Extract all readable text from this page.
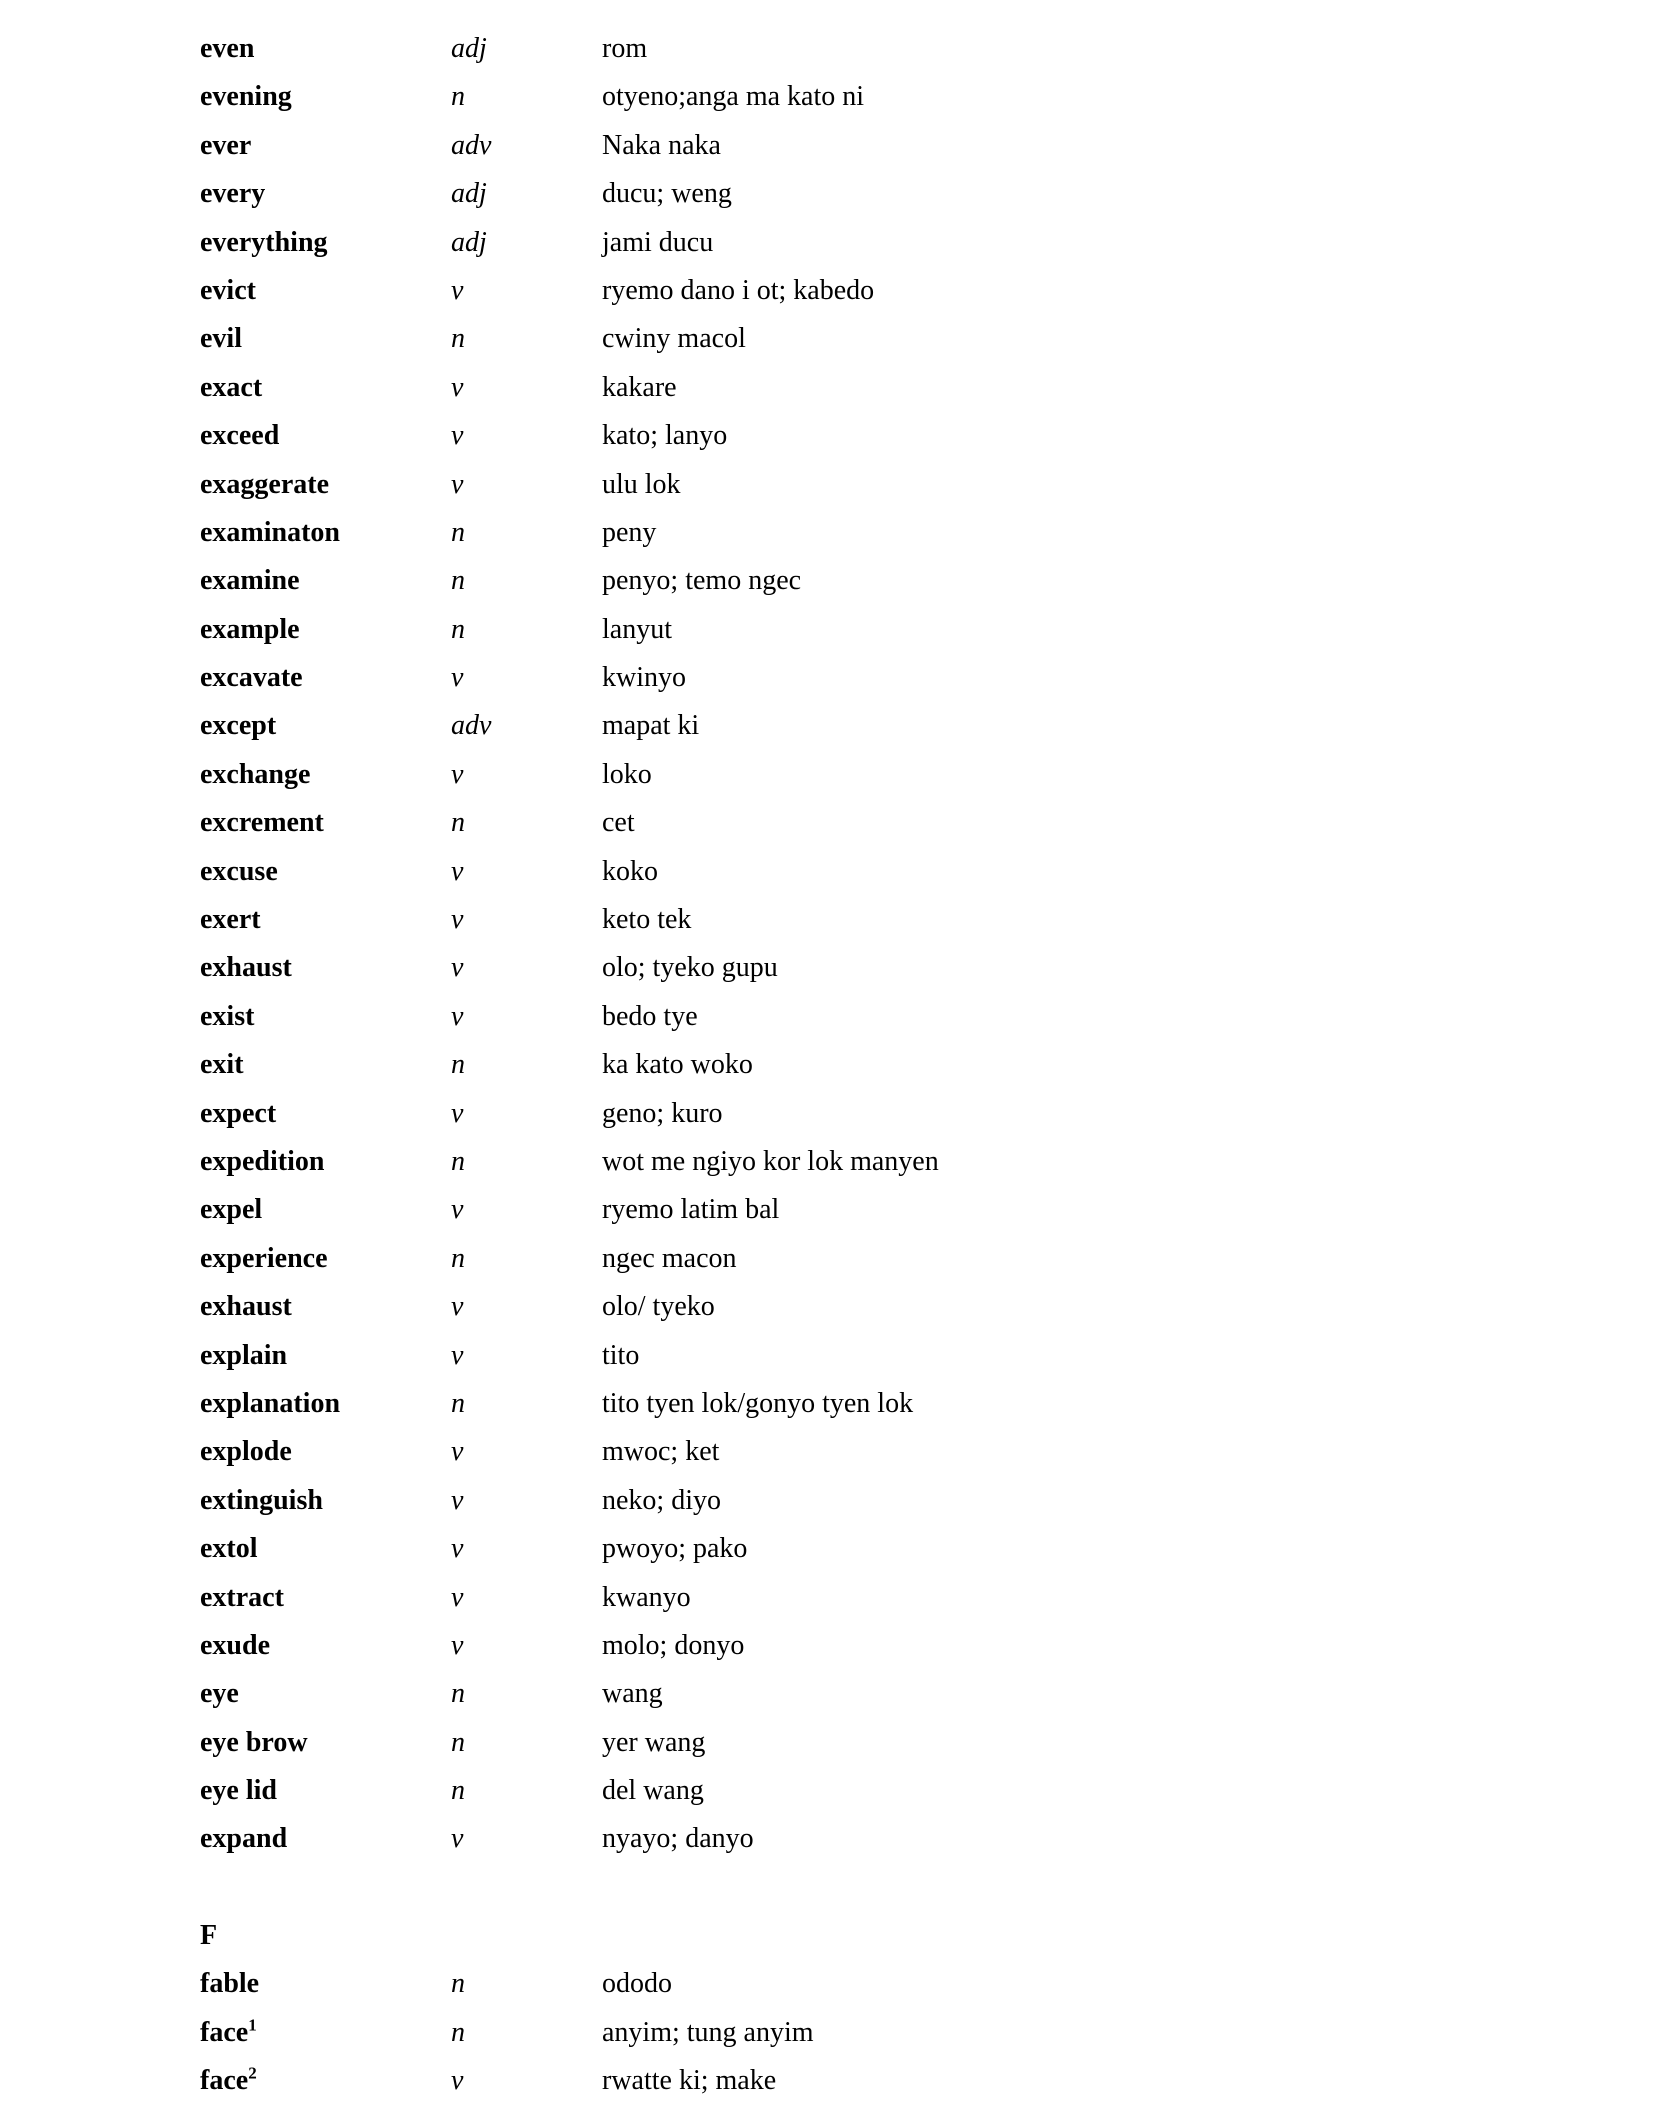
even	adj	rom
evening	n	otyeno;anga ma kato ni
ever	adv	Naka naka
every	adj	ducu; weng
everything	adj	jami ducu
evict	v	ryemo dano i ot; kabedo
evil	n	cwiny macol
exact	v	kakare
exceed	v	kato; lanyo
exaggerate	v	ulu lok
examinaton	n	peny
examine	n	penyo; temo ngec
example	n	lanyut
excavate	v	kwinyo
except	adv	mapat ki
exchange	v	loko
excrement	n	cet
excuse	v	koko
exert	v	keto tek
exhaust	v	olo; tyeko gupu
exist	v	bedo tye
exit	n	ka kato woko
expect	v	geno; kuro
expedition	n	wot me ngiyo kor lok manyen
expel	v	ryemo latim bal
experience	n	ngec macon
exhaust	v	olo/ tyeko
explain	v	tito
explanation	n	tito tyen lok/gonyo tyen lok
explode	v	mwoc; ket
extinguish	v	neko; diyo
extol	v	pwoyo; pako
extract	v	kwanyo
exude	v	molo; donyo
eye	n	wang
eye brow	n	yer wang
eye lid	n	del wang
expand	v	nyayo; danyo
F
fable	n	ododo
face$^1$	n	anyim; tung anyim
face$^2$	v	rwatte ki; make
